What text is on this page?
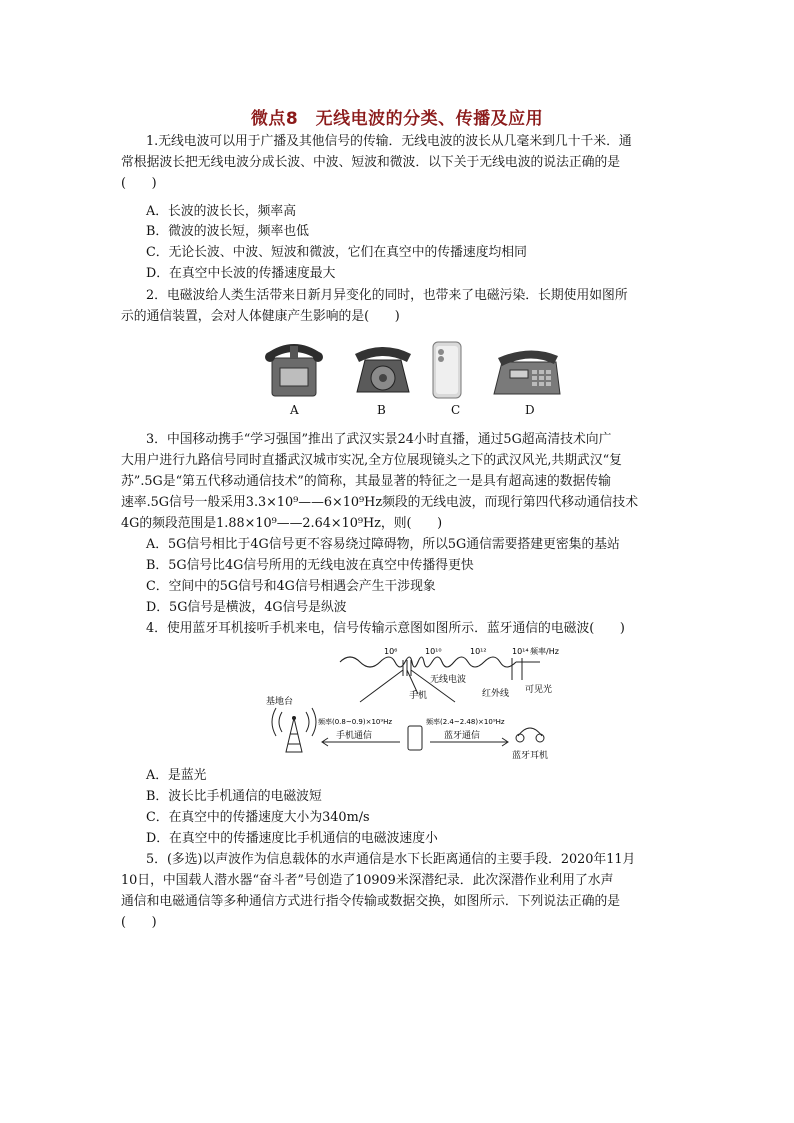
微点8　无线电波的分类、传播及应用
1.无线电波可以用于广播及其他信号的传输．无线电波的波长从几毫米到几十千米．通
常根据波长把无线电波分成长波、中波、短波和微波．以下关于无线电波的说法正确的是
(　　)
A．长波的波长长，频率高
B．微波的波长短，频率也低
C．无论长波、中波、短波和微波，它们在真空中的传播速度均相同
D．在真空中长波的传播速度最大
2．电磁波给人类生活带来日新月异变化的同时，也带来了电磁污染．长期使用如图所
示的通信装置，会对人体健康产生影响的是(　　)
A	B	C	D
3．中国移动携手“学习强国”推出了武汉实景24小时直播，通过5G超高清技术向广
大用户进行九路信号同时直播武汉城市实况,全方位展现镜头之下的武汉风光,共期武汉“复
苏”.5G是“第五代移动通信技术”的简称，其最显著的特征之一是具有超高速的数据传输
速率.5G信号一般采用3.3×10⁹——6×10⁹Hz频段的无线电波，而现行第四代移动通信技术
4G的频段范围是1.88×10⁹——2.64×10⁹Hz，则(　　)
A．5G信号相比于4G信号更不容易绕过障碍物，所以5G通信需要搭建更密集的基站
B．5G信号比4G信号所用的无线电波在真空中传播得更快
C．空间中的5G信号和4G信号相遇会产生干涉现象
D．5G信号是横波，4G信号是纵波
4．使用蓝牙耳机接听手机来电，信号传输示意图如图所示．蓝牙通信的电磁波(　　)
10⁶	10¹⁰	10¹²	10¹⁴ 频率/Hz
无线电波
红外线 可见光
手机
基地台
频率(0.8~0.9)×10⁹Hz	频率(2.4~2.48)×10⁹Hz
手机通信	蓝牙通信
蓝牙耳机
A．是蓝光
B．波长比手机通信的电磁波短
C．在真空中的传播速度大小为340m/s
D．在真空中的传播速度比手机通信的电磁波速度小
5．(多选)以声波作为信息载体的水声通信是水下长距离通信的主要手段．2020年11月
10日，中国载人潜水器“奋斗者”号创造了10909米深潜纪录．此次深潜作业利用了水声
通信和电磁通信等多种通信方式进行指令传输或数据交换，如图所示．下列说法正确的是
(　　)
